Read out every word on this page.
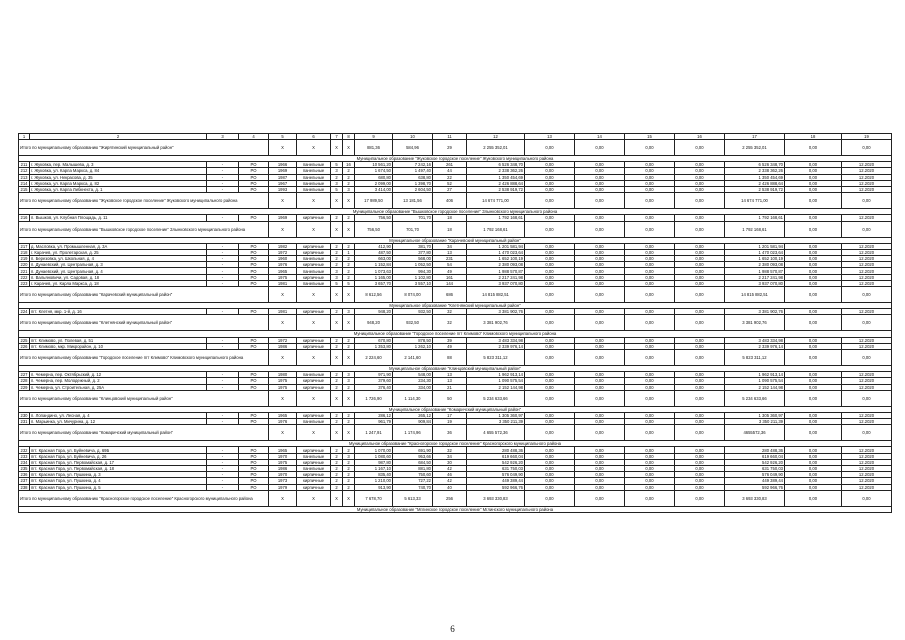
1	2	3	4	5	6	7	8	9	10	11	12	13	14	15	16	17	18	19
Итого по муниципальному образованию "Жирятинский муниципальный район"				X	X	X	X	881,36	584,96	29	2 255 352,01	0,00	0,00	0,00	0,00	2 255 352,01	0,00	0,00
Муниципальное образование "Жуковское городское поселение" Жуковского муниципального района																		
211	г. Жуковка, пер. Малышева, д. 3	-	РО	1966	панельные	5	16	10 561,20	7 242,16	261	6 526 348,70	0,00	0,00	0,00	0,00	6 526 348,70	0,00	12.2020
212	г. Жуковка, ул. Карла Маркса, д. 84	-	РО	1969	панельные	3	2	1 674,50	1 497,40	44	2 338 362,26	0,00	0,00	0,00	0,00	2 338 362,26	0,00	12.2020
213	г. Жуковка, ул. Некрасова, д. 35	-	РО	1987	панельные	2	2	680,80	638,80	22	1 350 454,69	0,00	0,00	0,00	0,00	1 350 454,69	0,00	12.2020
214	г. Жуковка, ул. Карла Маркса, д. 82	-	РО	1967	панельные	3	2	2 099,00	1 398,70	52	2 426 888,64	0,00	0,00	0,00	0,00	2 426 888,64	0,00	12.2020
215	г. Жуковка, ул. Карла Либкнехта, д. 1	-	РО	1993	панельные	5	3	3 414,00	2 604,50	27	2 538 919,72	0,00	0,00	0,00	0,00	2 538 919,72	0,00	12.2020
Итого по муниципальному образованию "Жуковское городское поселение" Жуковского муниципального района				X	X	X	X	17 989,50	13 181,56	406	14 674 771,00	0,00	0,00	0,00	0,00	14 674 771,00	0,00	0,00
Муниципальное образование "Вышковское городское поселение" Злынковского муниципального района																		
216	п. Вышков, ул. Клубная Площадь, д. 11	-	РО	1969	кирпичные	2	2	756,50	701,70	18	1 792 168,61	0,00	0,00	0,00	0,00	1 792 168,61	0,00	12.2020
Итого по муниципальному образованию "Вышковское городское поселение" Злынковского муниципального района				X	X	X	X	756,50	701,70	18	1 792 168,61	0,00	0,00	0,00	0,00	1 792 168,61	0,00	0,00
Муниципальное образование "Карачевский муниципальный район"																		
217	д. Масловка, ул. Промышленная, д. 3А	-	РО	1982	кирпичные	2	2	412,90	381,70	34	1 201 581,94	0,00	0,00	0,00	0,00	1 201 581,94	0,00	12.2020
218	г. Карачев, ул. Пролетарская, д. 25	-	РО	1972	кирпичные	2	1	487,50	377,80	13	1 470 023,64	0,00	0,00	0,00	0,00	1 470 023,64	0,00	12.2020
219	п. Березовка, ул. Школьная, д. 4	-	РО	1960	панельные	2	2	663,00	568,00	231	1 652 100,19	0,00	0,00	0,00	0,00	1 652 100,19	0,00	12.2020
220	п. Дунаевский, ул. Центральная, д. 3	-	РО	1976	кирпичные	2	2	1 152,84	1 052,50	54	2 380 093,08	0,00	0,00	0,00	0,00	2 380 093,08	0,00	12.2020
221	п. Дунаевский, ул. Центральная, д. 4	-	РО	1965	панельные	3	2	1 073,63	994,30	49	1 988 570,87	0,00	0,00	0,00	0,00	1 988 570,87	0,00	12.2020
222	п. Вальяновичи, ул. Садовая, д. 18	-	РО	1975	кирпичные	3	2	1 165,00	1 102,80	161	2 217 241,98	0,00	0,00	0,00	0,00	2 217 241,98	0,00	12.2020
223	г. Карачев, ул. Карла Маркса, д. 18	-	РО	1981	панельные	5	5	3 657,70	3 557,10	144	3 937 070,80	0,00	0,00	0,00	0,00	3 937 070,80	0,00	12.2020
Итого по муниципальному образованию "Карачевский муниципальный район"				X	X	X	X	8 612,56	8 074,00	686	14 815 882,51	0,00	0,00	0,00	0,00	14 815 882,51	0,00	0,00
Муниципальное образование "Клетнянский муниципальный район"																		
224	пгт. Клетня, мкр. 1-й, д. 16	-	РО	1981	кирпичные	2	3	948,20	932,50	32	3 381 902,76	0,00	0,00	0,00	0,00	3 381 902,76	0,00	12.2020
Итого по муниципальному образованию "Клетнянский муниципальный район"				X	X	X	X	948,20	932,50	32	3 381 902,76	0,00	0,00	0,00	0,00	3 381 902,76	0,00	0,00
Муниципальное образование "Городское поселение пгт Климово" Климовского муниципального района																		
225	пгт. Климово, ул. Полевая, д. 51	-	РО	1972	кирпичные	2	2	670,80	878,50	39	3 483 334,98	0,00	0,00	0,00	0,00	3 483 334,98	0,00	12.2020
226	пгт. Климово, мкр. Микрорайон, д. 10	-	РО	1986	кирпичные	2	2	1 353,80	1 262,10	49	2 339 976,14	0,00	0,00	0,00	0,00	2 339 976,14	0,00	12.2020
Итого по муниципальному образованию "Городское поселение пгт Климово" Климовского муниципального района				X	X	X	X	2 224,60	2 141,60	88	5 823 311,12	0,00	0,00	0,00	0,00	5 823 311,12	0,00	0,00
Муниципальное образование "Клинцовский муниципальный район"																		
227	п. Чемерна, пер. Октябрьский, д. 12	-	РО	1980	панельные	2	3	971,90	548,00	13	1 962 913,14	0,00	0,00	0,00	0,00	1 962 913,14	0,00	12.2020
228	п. Чемерна, пер. Молодежный, д. 2	-	РО	1975	кирпичные	2	3	379,60	234,30	13	1 090 575,54	0,00	0,00	0,00	0,00	1 090 575,54	0,00	12.2020
229	п. Чемерна, ул. Строительная, д. 25А	-	РО	1975	кирпичные	2	2	376,40	334,00	21	2 152 144,98	0,00	0,00	0,00	0,00	2 152 144,98	0,00	12.2020
Итого по муниципальному образованию "Клинцовский муниципальный район"				X	X	X	X	1 726,90	1 114,30	50	5 234 633,66	0,00	0,00	0,00	0,00	5 234 633,66	0,00	0,00
Муниципальное образование "Комаричский муниципальный район"																		
230	п. Лопандино, ул. Лесная, д. 4	-	РО	1965	кирпичные	2	2	286,12	265,12	17	1 305 360,97	0,00	0,00	0,00	0,00	1 305 360,97	0,00	12.2020
231	п. Марьинка, ул. Мичурина, д. 12	-	РО	1976	панельные	2	2	961,79	909,84	19	3 350 211,39	0,00	0,00	0,00	0,00	3 350 211,39	0,00	12.2020
Итого по муниципальному образованию "Комаричский муниципальный район"				X	X	X	X	1 247,91	1 174,96	36	4 655 572,36	0,00	0,00	0,00	0,00	4655572,36	0,00	0,00
Муниципальное образование "Красногорское городское поселение" Красногорского муниципального района																		
232	пгт. Красная Гора, ул. Буйневича, д. 69Б	-	РО	1965	кирпичные	2	2	1 070,00	691,90	32	280 488,36	0,00	0,00	0,00	0,00	280 488,36	0,00	12.2020
233	пгт. Красная Гора, ул. Буйневича, д. 26	-	РО	1970	панельные	2	3	1 080,60	953,66	34	619 660,04	0,00	0,00	0,00	0,00	619 660,04	0,00	12.2020
234	пгт. Красная Гора, ул. Первомайская, д. 17	-	РО	1975	кирпичные	2	2	987,80	684,50	30	542 926,20	0,00	0,00	0,00	0,00	542 926,20	0,00	12.2020
235	пгт. Красная Гора, ул. Первомайская, д. 18	-	РО	1986	панельные	2	2	1 167,10	881,80	42	631 750,03	0,00	0,00	0,00	0,00	631 750,03	0,00	12.2020
236	пгт. Красная Гора, ул. Пушкина, д. 3	-	РО	1970	кирпичные	2	2	835,40	750,60	46	576 049,90	0,00	0,00	0,00	0,00	576 049,90	0,00	12.2020
237	пгт. Красная Гора, ул. Пушкина, д. 4	-	РО	1973	кирпичные	2	2	1 210,00	727,22	42	449 389,44	0,00	0,00	0,00	0,00	449 389,44	0,00	12.2020
238	пгт. Красная Гора, ул. Пушкина, д. 5	-	РО	1979	кирпичные	2	2	913,90	740,70	40	592 966,76	0,00	0,00	0,00	0,00	592 966,76	0,00	12.2020
Итого по муниципальному образованию "Красногорское городское поселение" Красногорского муниципального района				X	X	X	X	7 678,70	5 613,33	256	3 693 330,83	0,00	0,00	0,00	0,00	3 693 330,83	0,00	0,00
Муниципальное образование "Мглинское городское поселение" Мглинского муниципального района																		
6
